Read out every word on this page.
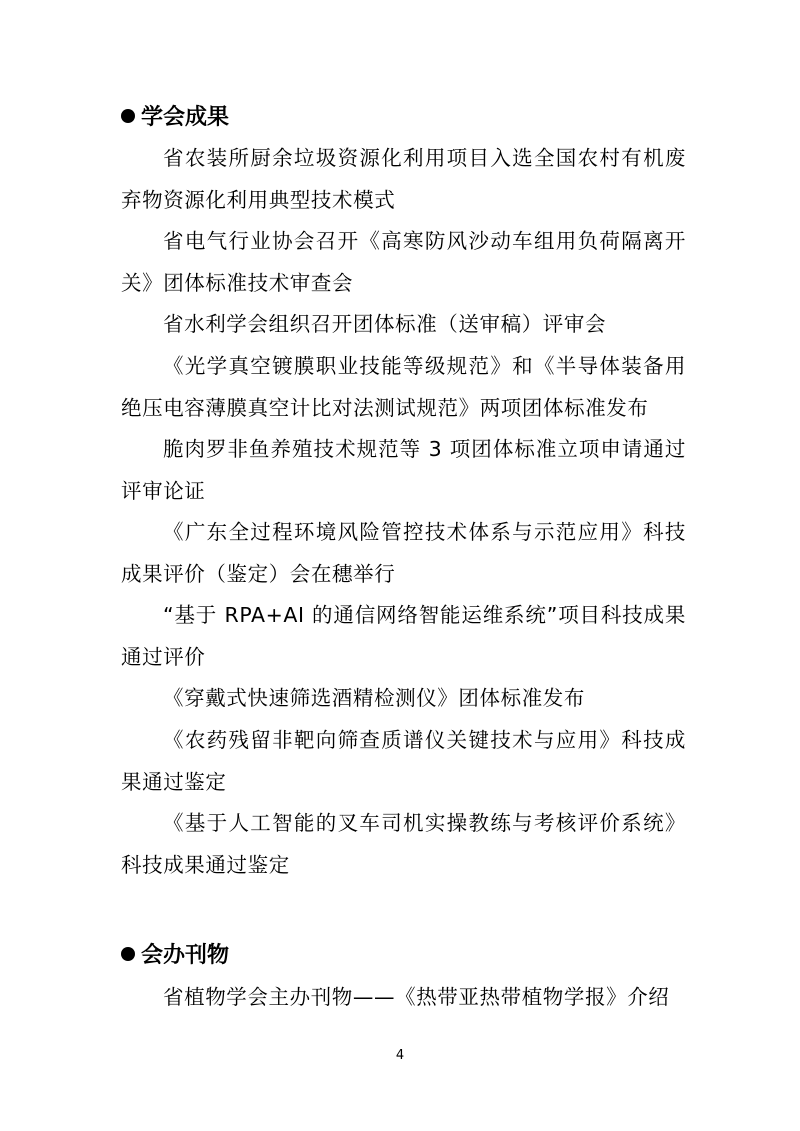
学会成果
省农装所厨余垃圾资源化利用项目入选全国农村有机废弃物资源化利用典型技术模式
省电气行业协会召开《高寒防风沙动车组用负荷隔离开关》团体标准技术审查会
省水利学会组织召开团体标准（送审稿）评审会
《光学真空镀膜职业技能等级规范》和《半导体装备用绝压电容薄膜真空计比对法测试规范》两项团体标准发布
脆肉罗非鱼养殖技术规范等 3 项团体标准立项申请通过评审论证
《广东全过程环境风险管控技术体系与示范应用》科技成果评价（鉴定）会在穗举行
“基于 RPA+AI 的通信网络智能运维系统”项目科技成果通过评价
《穿戴式快速筛选酒精检测仪》团体标准发布
《农药残留非靶向筛查质谱仪关键技术与应用》科技成果通过鉴定
《基于人工智能的叉车司机实操教练与考核评价系统》科技成果通过鉴定
会办刊物
省植物学会主办刊物——《热带亚热带植物学报》介绍
4
